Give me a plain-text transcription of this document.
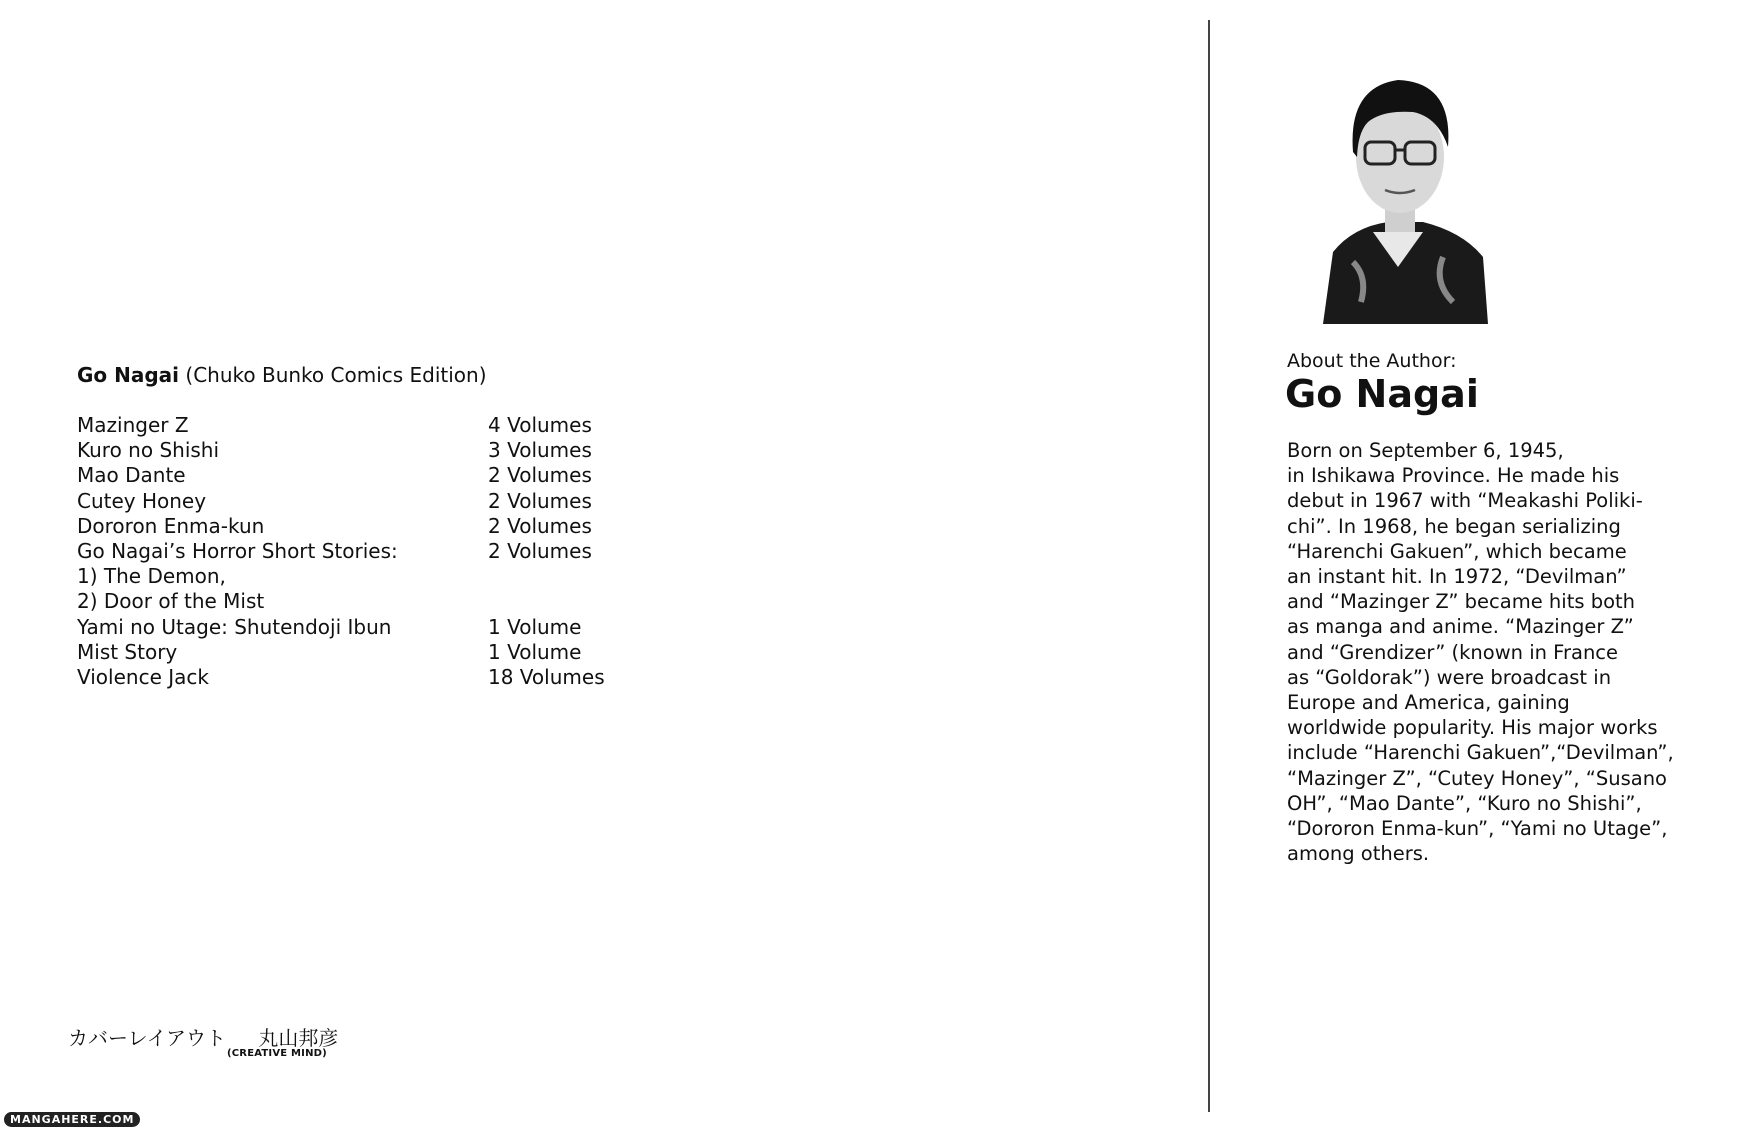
Go Nagai (Chuko Bunko Comics Edition)
Mazinger Z	4 Volumes
Kuro no Shishi	3 Volumes
Mao Dante	2 Volumes
Cutey Honey	2 Volumes
Dororon Enma-kun	2 Volumes
Go Nagai’s Horror Short Stories:	2 Volumes
1) The Demon,
2) Door of the Mist
Yami no Utage: Shutendoji Ibun	1 Volume
Mist Story	1 Volume
Violence Jack	18 Volumes
カバーレイアウト 丸山邦彦
(CREATIVE MIND)
MANGAHERE.COM
About the Author:
Go Nagai
Born on September 6, 1945,
in Ishikawa Province. He made his
debut in 1967 with “Meakashi Poliki-
chi”. In 1968, he began serializing
“Harenchi Gakuen”, which became
an instant hit. In 1972, “Devilman”
and “Mazinger Z” became hits both
as manga and anime. “Mazinger Z”
and “Grendizer” (known in France
as “Goldorak”) were broadcast in
Europe and America, gaining
worldwide popularity. His major works
include “Harenchi Gakuen”,“Devilman”,
“Mazinger Z”, “Cutey Honey”, “Susano
OH”, “Mao Dante”, “Kuro no Shishi”,
“Dororon Enma-kun”, “Yami no Utage”,
among others.
